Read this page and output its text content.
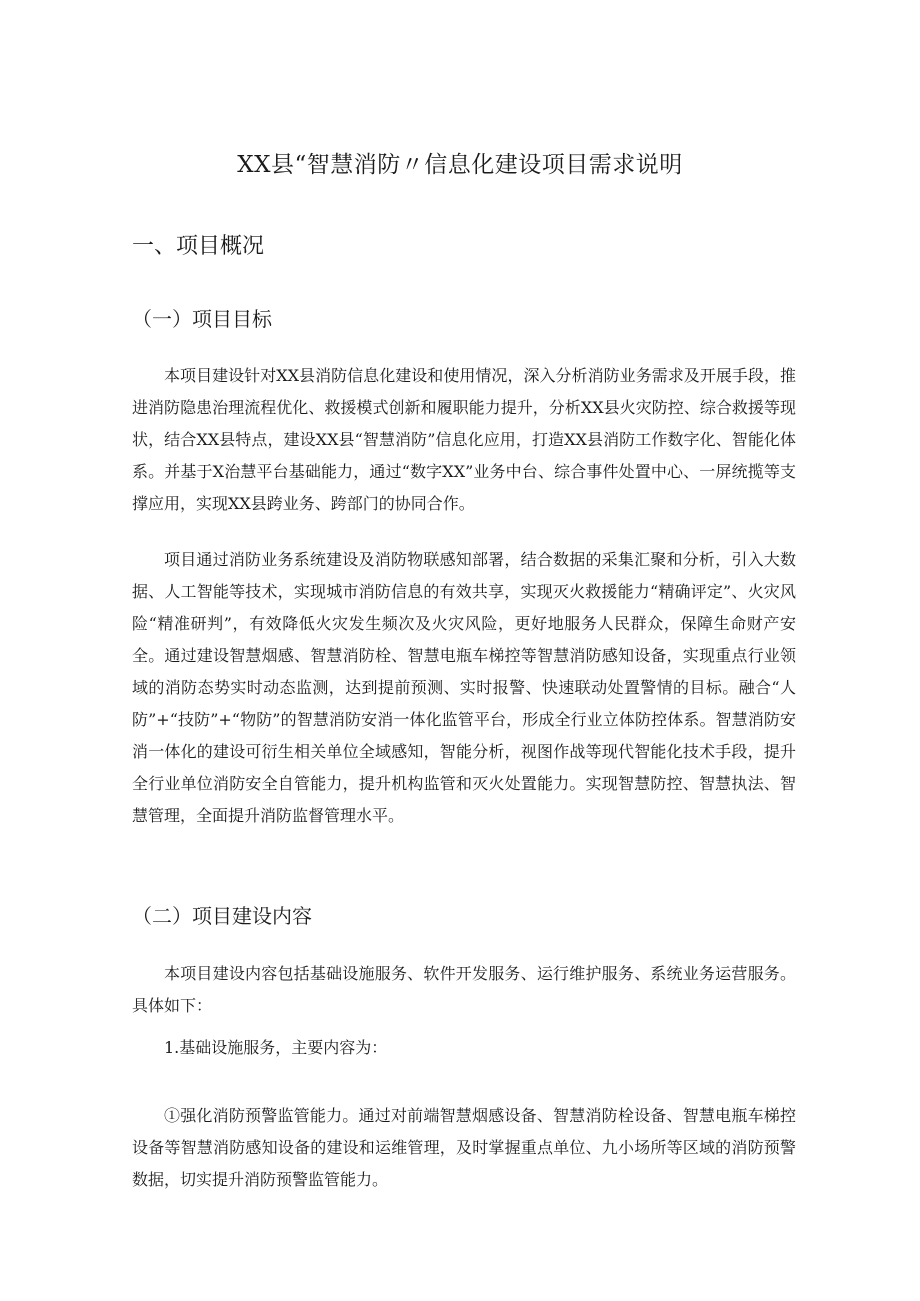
XX县“智慧消防〃信息化建设项目需求说明
一、项目概况
（一）项目目标

本项目建设针对XX县消防信息化建设和使用情况，深入分析消防业务需求及开展手段，推进消防隐患治理流程优化、救援模式创新和履职能力提升，分析XX县火灾防控、综合救援等现状，结合XX县特点，建设XX县“智慧消防”信息化应用，打造XX县消防工作数字化、智能化体系。并基于X治慧平台基础能力，通过“数字XX”业务中台、综合事件处置中心、一屏统揽等支撑应用，实现XX县跨业务、跨部门的协同合作。

项目通过消防业务系统建设及消防物联感知部署，结合数据的采集汇聚和分析，引入大数据、人工智能等技术，实现城市消防信息的有效共享，实现灭火救援能力“精确评定”、火灾风险“精准研判”，有效降低火灾发生频次及火灾风险，更好地服务人民群众，保障生命财产安全。通过建设智慧烟感、智慧消防栓、智慧电瓶车梯控等智慧消防感知设备，实现重点行业领域的消防态势实时动态监测，达到提前预测、实时报警、快速联动处置警情的目标。融合“人防”+“技防”+“物防”的智慧消防安消一体化监管平台，形成全行业立体防控体系。智慧消防安消一体化的建设可衍生相关单位全域感知，智能分析，视图作战等现代智能化技术手段，提升全行业单位消防安全自管能力，提升机构监管和灭火处置能力。实现智慧防控、智慧执法、智慧管理，全面提升消防监督管理水平。

（二）项目建设内容

本项目建设内容包括基础设施服务、软件开发服务、运行维护服务、系统业务运营服务。具体如下：

1.基础设施服务，主要内容为：

①强化消防预警监管能力。通过对前端智慧烟感设备、智慧消防栓设备、智慧电瓶车梯控设备等智慧消防感知设备的建设和运维管理，及时掌握重点单位、九小场所等区域的消防预警数据，切实提升消防预警监管能力。
